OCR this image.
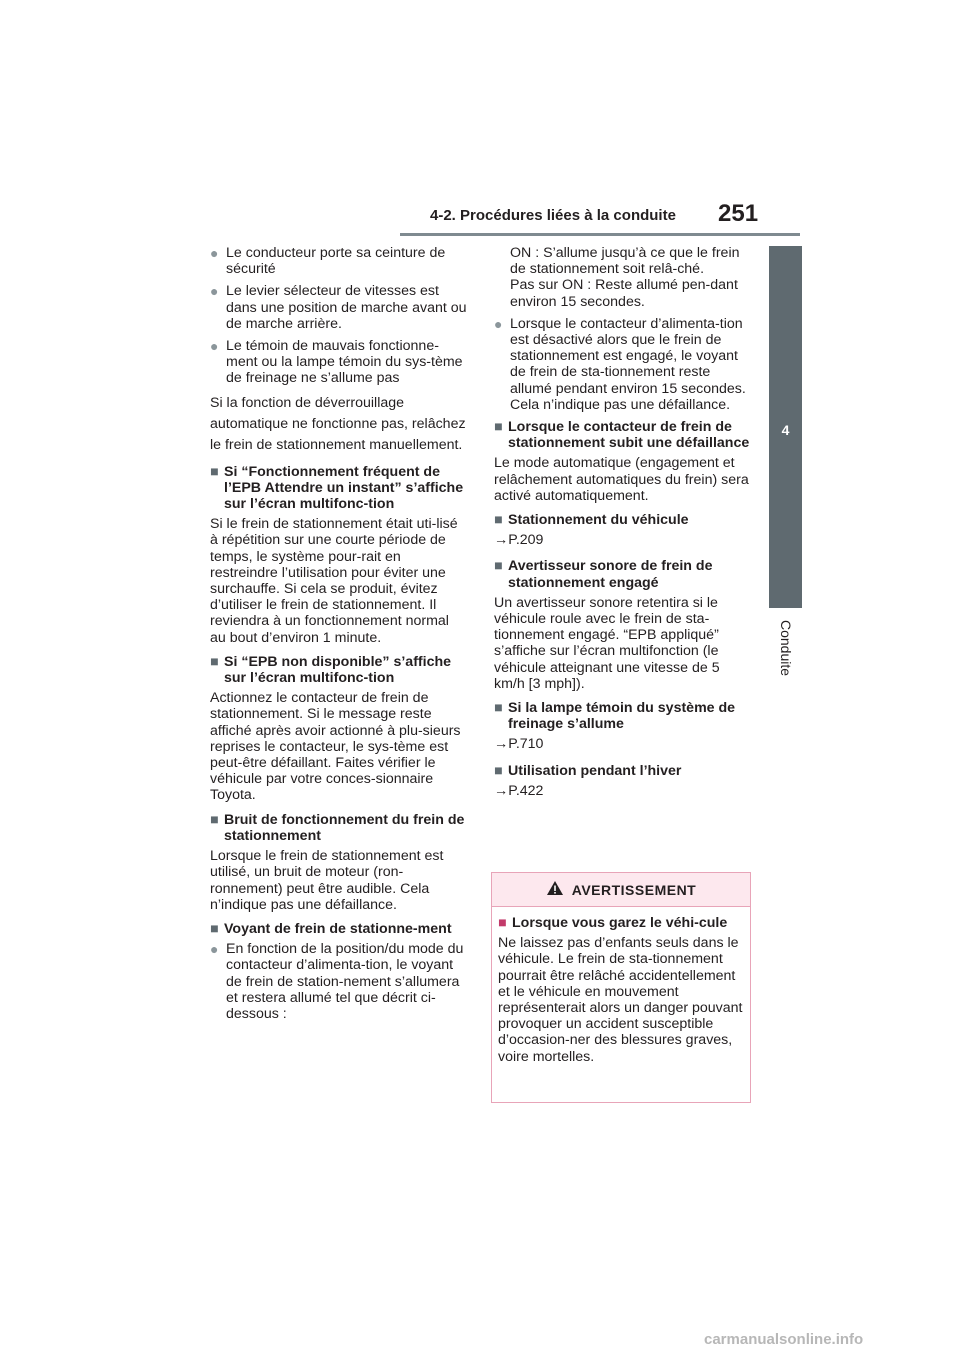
4-2. Procédures liées à la conduite 251
4
Conduite
● Le conducteur porte sa ceinture de sécurité
● Le levier sélecteur de vitesses est dans une position de marche avant ou de marche arrière.
● Le témoin de mauvais fonctionne-ment ou la lampe témoin du sys-tème de freinage ne s’allume pas
Si la fonction de déverrouillage automatique ne fonctionne pas, relâchez le frein de stationnement manuellement.
■ Si “Fonctionnement fréquent de l’EPB Attendre un instant” s’affiche sur l’écran multifonc-tion
Si le frein de stationnement était uti-lisé à répétition sur une courte période de temps, le système pour-rait en restreindre l’utilisation pour éviter une surchauffe. Si cela se produit, évitez d’utiliser le frein de stationnement. Il reviendra à un fonctionnement normal au bout d’environ 1 minute.
■ Si “EPB non disponible” s’affiche sur l’écran multifonc-tion
Actionnez le contacteur de frein de stationnement. Si le message reste affiché après avoir actionné à plu-sieurs reprises le contacteur, le sys-tème est peut-être défaillant. Faites vérifier le véhicule par votre conces-sionnaire Toyota.
■ Bruit de fonctionnement du frein de stationnement
Lorsque le frein de stationnement est utilisé, un bruit de moteur (ron-ronnement) peut être audible. Cela n’indique pas une défaillance.
■ Voyant de frein de stationne-ment
● En fonction de la position/du mode du contacteur d’alimenta-tion, le voyant de frein de station-nement s’allumera et restera allumé tel que décrit ci-dessous :
ON : S’allume jusqu’à ce que le frein de stationnement soit relâ-ché.
Pas sur ON : Reste allumé pen-dant environ 15 secondes.
● Lorsque le contacteur d’alimenta-tion est désactivé alors que le frein de stationnement est engagé, le voyant de frein de sta-tionnement reste allumé pendant environ 15 secondes. Cela n’indique pas une défaillance.
■ Lorsque le contacteur de frein de stationnement subit une défaillance
Le mode automatique (engagement et relâchement automatiques du frein) sera activé automatiquement.
■ Stationnement du véhicule
→P.209
■ Avertisseur sonore de frein de stationnement engagé
Un avertisseur sonore retentira si le véhicule roule avec le frein de sta-tionnement engagé. “EPB appliqué” s’affiche sur l’écran multifonction (le véhicule atteignant une vitesse de 5 km/h [3 mph]).
■ Si la lampe témoin du système de freinage s’allume
→P.710
■ Utilisation pendant l’hiver
→P.422
AVERTISSEMENT
■ Lorsque vous garez le véhi-cule
Ne laissez pas d’enfants seuls dans le véhicule. Le frein de sta-tionnement pourrait être relâché accidentellement et le véhicule en mouvement représenterait alors un danger pouvant provoquer un accident susceptible d’occasion-ner des blessures graves, voire mortelles.
carmanualsonline.info
